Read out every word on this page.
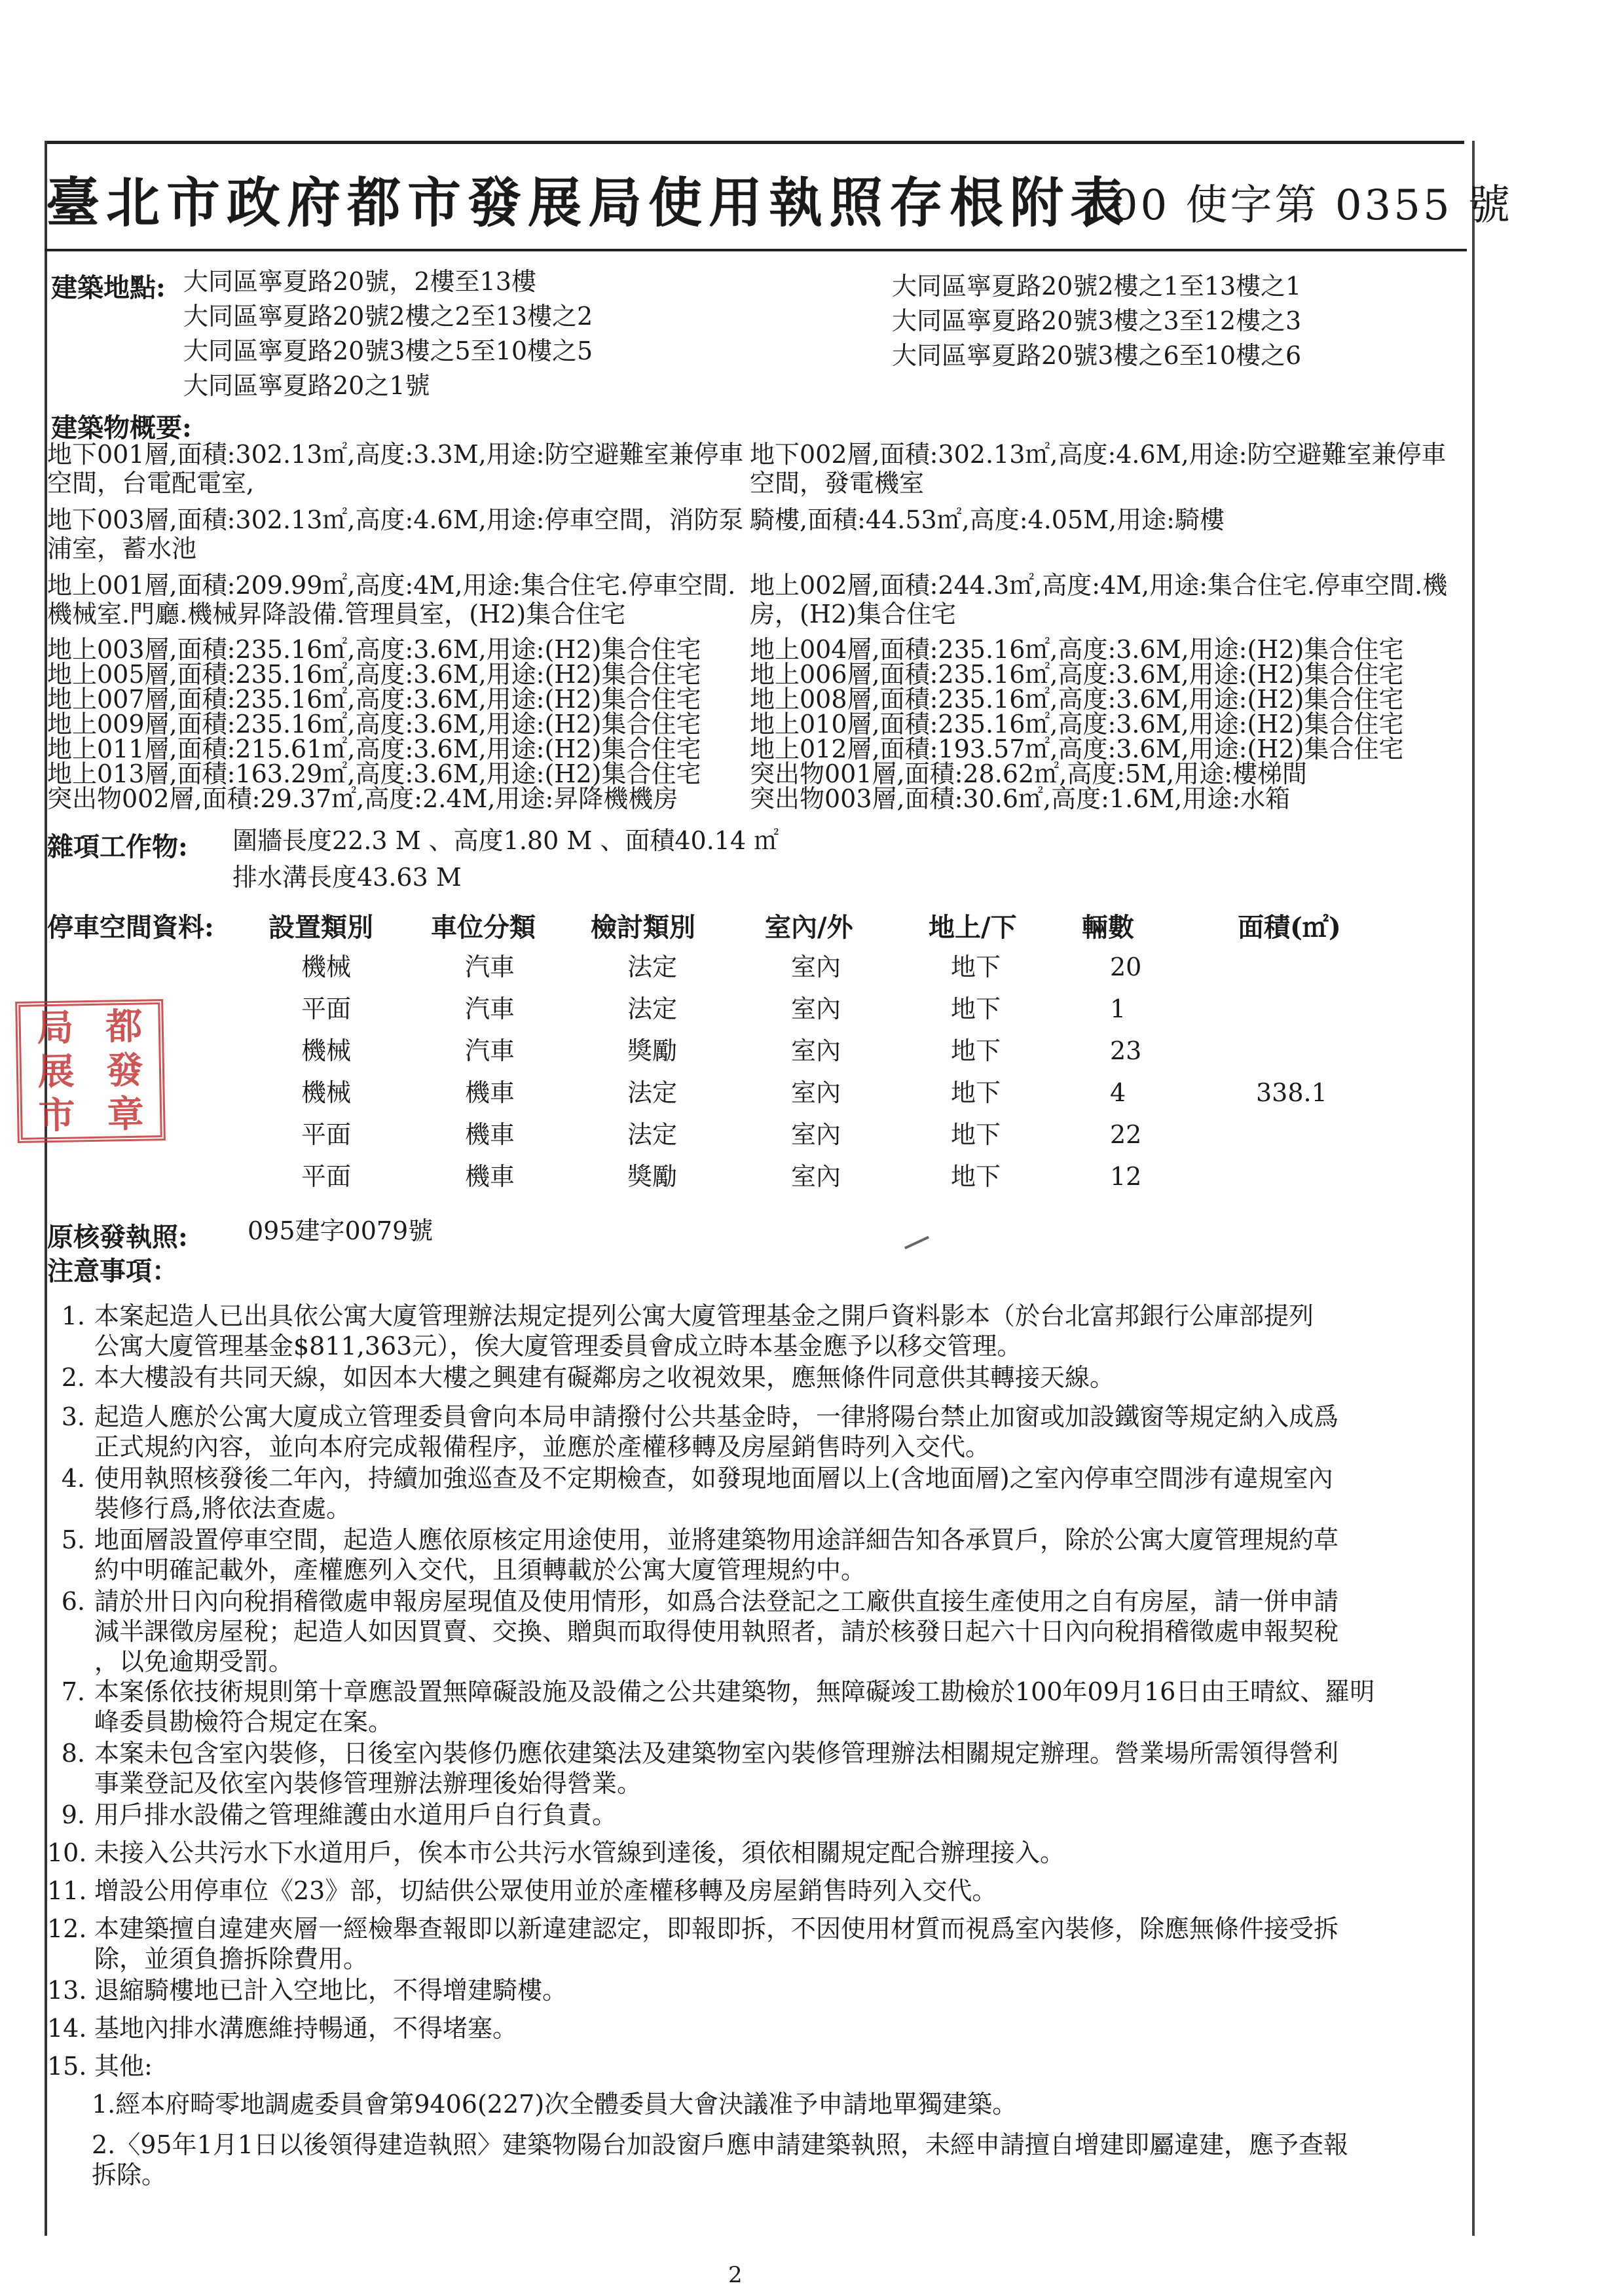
臺北市政府都市發展局使用執照存根附表
100 使字第 0355 號
建築地點: 大同區寧夏路20號，2樓至13樓
大同區寧夏路20號2樓之2至13樓之2
大同區寧夏路20號3樓之5至10樓之5
大同區寧夏路20之1號
大同區寧夏路20號2樓之1至13樓之1
大同區寧夏路20號3樓之3至12樓之3
大同區寧夏路20號3樓之6至10樓之6
建築物概要:
地下001層,面積:302.13㎡,高度:3.3M,用途:防空避難室兼停車
空間，台電配電室,
地下003層,面積:302.13㎡,高度:4.6M,用途:停車空間，消防泵
浦室，蓄水池
地上001層,面積:209.99㎡,高度:4M,用途:集合住宅.停車空間.
機械室.門廳.機械昇降設備.管理員室，(H2)集合住宅
地上003層,面積:235.16㎡,高度:3.6M,用途:(H2)集合住宅
地上005層,面積:235.16㎡,高度:3.6M,用途:(H2)集合住宅
地上007層,面積:235.16㎡,高度:3.6M,用途:(H2)集合住宅
地上009層,面積:235.16㎡,高度:3.6M,用途:(H2)集合住宅
地上011層,面積:215.61㎡,高度:3.6M,用途:(H2)集合住宅
地上013層,面積:163.29㎡,高度:3.6M,用途:(H2)集合住宅
突出物002層,面積:29.37㎡,高度:2.4M,用途:昇降機機房
地下002層,面積:302.13㎡,高度:4.6M,用途:防空避難室兼停車
空間，發電機室
騎樓,面積:44.53㎡,高度:4.05M,用途:騎樓
地上002層,面積:244.3㎡,高度:4M,用途:集合住宅.停車空間.機
房，(H2)集合住宅
地上004層,面積:235.16㎡,高度:3.6M,用途:(H2)集合住宅
地上006層,面積:235.16㎡,高度:3.6M,用途:(H2)集合住宅
地上008層,面積:235.16㎡,高度:3.6M,用途:(H2)集合住宅
地上010層,面積:235.16㎡,高度:3.6M,用途:(H2)集合住宅
地上012層,面積:193.57㎡,高度:3.6M,用途:(H2)集合住宅
突出物001層,面積:28.62㎡,高度:5M,用途:樓梯間
突出物003層,面積:30.6㎡,高度:1.6M,用途:水箱
雜項工作物: 圍牆長度22.3 M 、高度1.80 M 、面積40.14 ㎡
排水溝長度43.63 M
停車空間資料: 設置類別 車位分類 檢討類別	室內/外	地上/下 輛數	面積(㎡)
機械	汽車	法定	室內	地下	20
平面	汽車	法定	室內	地下	1
機械	汽車	獎勵	室內	地下	23
機械	機車	法定	室內	地下	4	338.1
平面	機車	法定	室內	地下	22
平面	機車	獎勵	室內	地下	12
局 都
展 發
市 章
原核發執照: 095建字0079號
注意事項：
1. 本案起造人已出具依公寓大廈管理辦法規定提列公寓大廈管理基金之開戶資料影本（於台北富邦銀行公庫部提列
公寓大廈管理基金$811,363元），俟大廈管理委員會成立時本基金應予以移交管理。
2. 本大樓設有共同天線，如因本大樓之興建有礙鄰房之收視效果，應無條件同意供其轉接天線。
3. 起造人應於公寓大廈成立管理委員會向本局申請撥付公共基金時，一律將陽台禁止加窗或加設鐵窗等規定納入成爲
正式規約內容，並向本府完成報備程序，並應於產權移轉及房屋銷售時列入交代。
4. 使用執照核發後二年內，持續加強巡查及不定期檢查，如發現地面層以上(含地面層)之室內停車空間涉有違規室內
裝修行爲,將依法查處。
5. 地面層設置停車空間，起造人應依原核定用途使用，並將建築物用途詳細告知各承買戶，除於公寓大廈管理規約草
約中明確記載外，產權應列入交代，且須轉載於公寓大廈管理規約中。
6. 請於卅日內向稅捐稽徵處申報房屋現值及使用情形，如爲合法登記之工廠供直接生產使用之自有房屋，請一併申請
減半課徵房屋稅；起造人如因買賣、交換、贈與而取得使用執照者，請於核發日起六十日內向稅捐稽徵處申報契稅
，以免逾期受罰。
7. 本案係依技術規則第十章應設置無障礙設施及設備之公共建築物，無障礙竣工勘檢於100年09月16日由王晴紋、羅明
峰委員勘檢符合規定在案。
8. 本案未包含室內裝修，日後室內裝修仍應依建築法及建築物室內裝修管理辦法相關規定辦理。營業場所需領得營利
事業登記及依室內裝修管理辦法辦理後始得營業。
9. 用戶排水設備之管理維護由水道用戶自行負責。
10. 未接入公共污水下水道用戶，俟本市公共污水管線到達後，須依相關規定配合辦理接入。
11. 增設公用停車位《23》部，切結供公眾使用並於產權移轉及房屋銷售時列入交代。
12. 本建築擅自違建夾層一經檢舉查報即以新違建認定，即報即拆，不因使用材質而視爲室內裝修，除應無條件接受拆
除，並須負擔拆除費用。
13. 退縮騎樓地已計入空地比，不得增建騎樓。
14. 基地內排水溝應維持暢通，不得堵塞。
15. 其他:
1.經本府畸零地調處委員會第9406(227)次全體委員大會決議准予申請地單獨建築。
2.〈95年1月1日以後領得建造執照〉建築物陽台加設窗戶應申請建築執照，未經申請擅自增建即屬違建，應予查報
拆除。
2
